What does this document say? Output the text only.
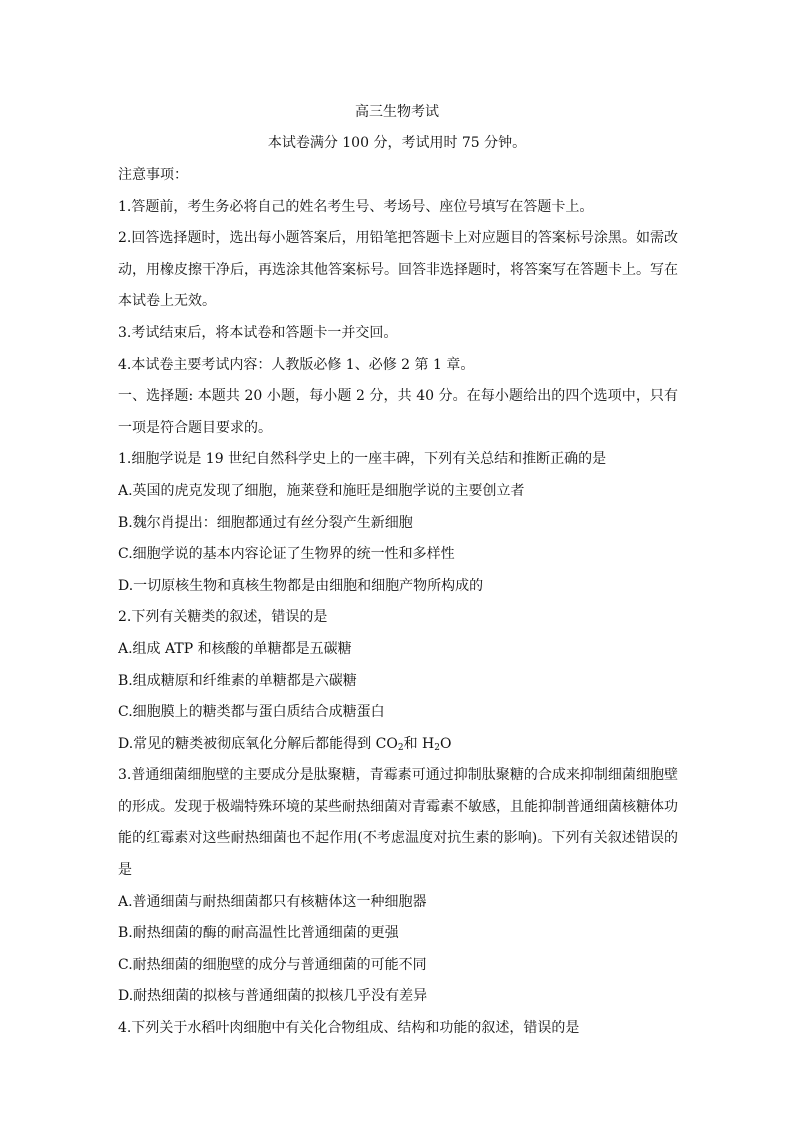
高三生物考试
本试卷满分 100 分，考试用时 75 分钟。
注意事项：
1.答题前，考生务必将自己的姓名考生号、考场号、座位号填写在答题卡上。
2.回答选择题时，选出每小题答案后，用铅笔把答题卡上对应题目的答案标号涂黑。如需改动，用橡皮擦干净后，再选涂其他答案标号。回答非选择题时，将答案写在答题卡上。写在本试卷上无效。
3.考试结束后，将本试卷和答题卡一并交回。
4.本试卷主要考试内容：人教版必修 1、必修 2 第 1 章。
一、选择题: 本题共 20 小题，每小题 2 分，共 40 分。在每小题给出的四个选项中，只有一项是符合题目要求的。
1.细胞学说是 19 世纪自然科学史上的一座丰碑，下列有关总结和推断正确的是
A.英国的虎克发现了细胞，施莱登和施旺是细胞学说的主要创立者
B.魏尔肖提出：细胞都通过有丝分裂产生新细胞
C.细胞学说的基本内容论证了生物界的统一性和多样性
D.一切原核生物和真核生物都是由细胞和细胞产物所构成的
2.下列有关糖类的叙述，错误的是
A.组成 ATP 和核酸的单糖都是五碳糖
B.组成糖原和纤维素的单糖都是六碳糖
C.细胞膜上的糖类都与蛋白质结合成糖蛋白
D.常见的糖类被彻底氧化分解后都能得到 $CO_2$和 $H_2O$
3.普通细菌细胞壁的主要成分是肽聚糖，青霉素可通过抑制肽聚糖的合成来抑制细菌细胞壁的形成。发现于极端特殊环境的某些耐热细菌对青霉素不敏感，且能抑制普通细菌核糖体功能的红霉素对这些耐热细菌也不起作用(不考虑温度对抗生素的影响)。下列有关叙述错误的是
A.普通细菌与耐热细菌都只有核糖体这一种细胞器
B.耐热细菌的酶的耐高温性比普通细菌的更强
C.耐热细菌的细胞壁的成分与普通细菌的可能不同
D.耐热细菌的拟核与普通细菌的拟核几乎没有差异
4.下列关于水稻叶肉细胞中有关化合物组成、结构和功能的叙述，错误的是
